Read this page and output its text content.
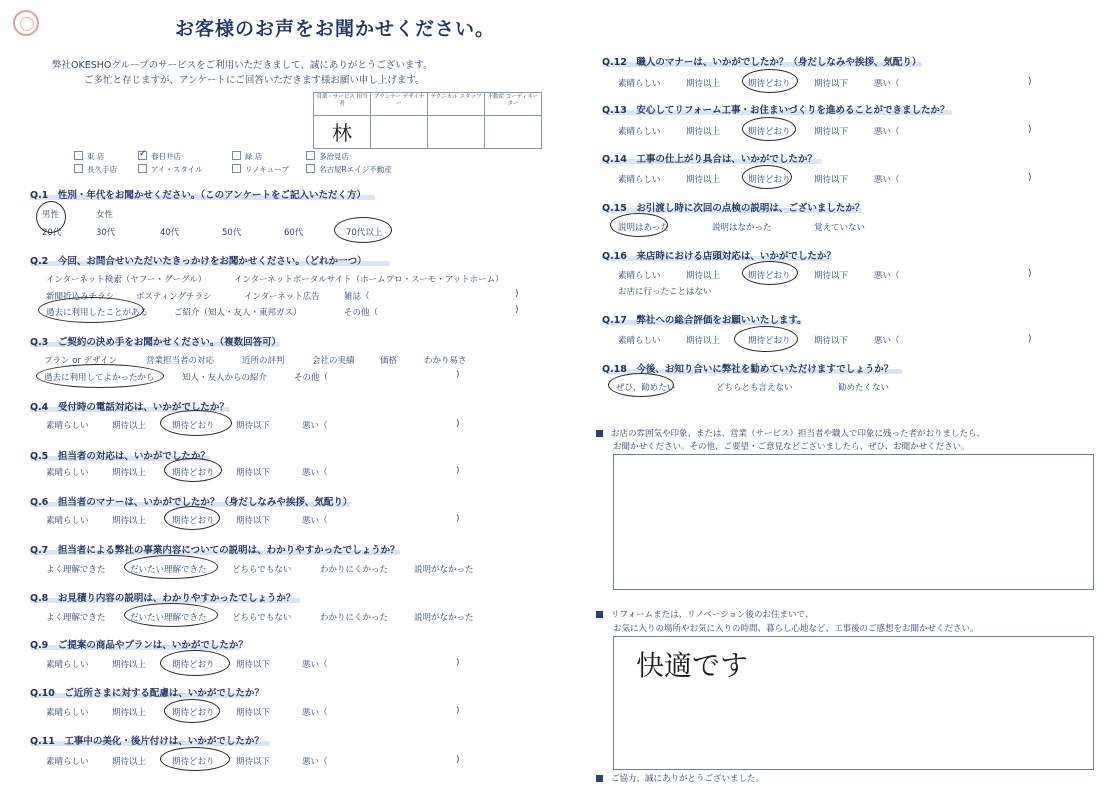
お客様のお声をお聞かせください。
弊社OKESHOグループのサービスをご利用いただきまして、誠にありがとうございます。
ご多忙と存じますが、アンケートにご回答いただきます様お願い申し上げます。
営業・サービス 担当者	プランナー デザイナー	テクニカル スタッフ	不動産 コーディネーター
林			
東 店	✓ 春日井店	緑 店	多治見店
長久手店	アイ・スタイル	リノキューブ	名古屋Rエイジ不動産
Q.1　 性別・年代をお聞かせください。（このアンケートをご記入いただく方）
男性	女性
20代	30代	40代	50代	60代	70代以上
Q.2　 今回、お問合せいただいたきっかけをお聞かせください。（どれか一つ）
インターネット検索（ヤフー・グーグル）	インターネットポータルサイト（ホームプロ・スーモ・アットホーム）
新聞折込みチラシ	ポスティングチラシ	インターネット広告	雑誌（	)
過去に利用したことがある	ご紹介（知人・友人・東邦ガス）	その他（	)
Q.3　 ご契約の決め手をお聞かせください。（複数回答可）
プラン or デザイン	営業担当者の対応	近所の評判	会社の実績	価格	わかり易さ
過去に利用してよかったから	知人・友人からの紹介	その他（	)
Q.4　 受付時の電話対応は、いかがでしたか？
素晴らしい	期待以上	期待どおり	期待以下	悪い（	)
Q.5　 担当者の対応は、いかがでしたか？
素晴らしい	期待以上	期待どおり	期待以下	悪い（	)
Q.6　 担当者のマナーは、いかがでしたか？（身だしなみや挨拶、気配り）
素晴らしい	期待以上	期待どおり	期待以下	悪い（	)
Q.7　 担当者による弊社の事業内容についての説明は、わかりやすかったでしょうか？
よく理解できた	だいたい理解できた	どちらでもない	わかりにくかった	説明がなかった
Q.8　 お見積り内容の説明は、わかりやすかったでしょうか？
よく理解できた	だいたい理解できた	どちらでもない	わかりにくかった	説明がなかった
Q.9　 ご提案の商品やプランは、いかがでしたか？
素晴らしい	期待以上	期待どおり	期待以下	悪い（	)
Q.10　 ご近所さまに対する配慮は、いかがでしたか？
素晴らしい	期待以上	期待どおり	期待以下	悪い（	)
Q.11　 工事中の美化・後片付けは、いかがでしたか？
素晴らしい	期待以上	期待どおり	期待以下	悪い（	)
Q.12　 職人のマナーは、いかがでしたか？（身だしなみや挨拶、気配り）
素晴らしい	期待以上	期待どおり	期待以下	悪い（	)
Q.13　 安心してリフォーム工事・お住まいづくりを進めることができましたか？
素晴らしい	期待以上	期待どおり	期待以下	悪い（	)
Q.14　 工事の仕上がり具合は、いかがでしたか？
素晴らしい	期待以上	期待どおり	期待以下	悪い（	)
Q.15　 お引渡し時に次回の点検の説明は、ございましたか？
説明はあった	説明はなかった	覚えていない
Q.16　 来店時における店頭対応は、いかがでしたか？
素晴らしい	期待以上	期待どおり	期待以下	悪い（	)
お店に行ったことはない
Q.17　 弊社への総合評価をお願いいたします。
素晴らしい	期待以上	期待どおり	期待以下	悪い（	)
Q.18　 今後、お知り合いに弊社を勧めていただけますでしょうか？
ぜひ、勧めたい	どちらとも言えない	勧めたくない
お店の雰囲気や印象、または、営業（サービス）担当者や職人で印象に残った者がおりましたら、
お聞かせください。その他、ご要望・ご意見などございましたら、ぜひ、お聞かせください。
リフォームまたは、リノベーション後のお住まいで、
お気に入りの場所やお気に入りの時間、暮らし心地など、工事後のご感想をお聞かせください。
快適です
ご協力、誠にありがとうございました。
